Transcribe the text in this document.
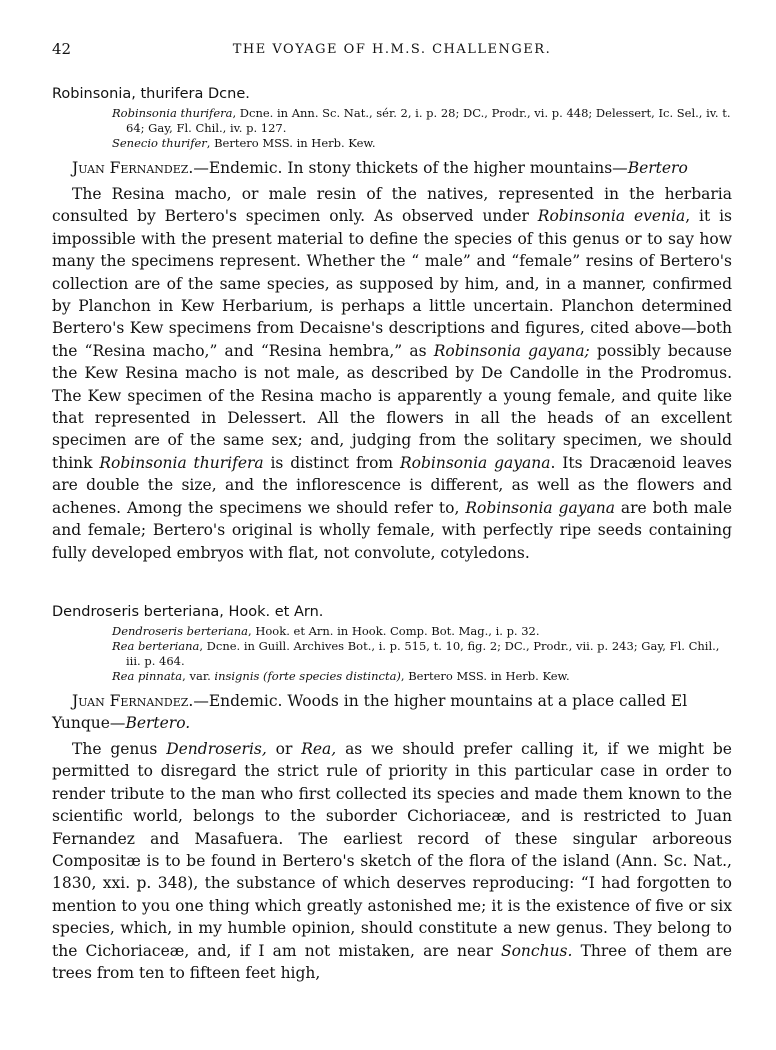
42	THE VOYAGE OF H.M.S. CHALLENGER.
Robinsonia, thurifera Dcne.
Robinsonia thurifera, Dcne. in Ann. Sc. Nat., sér. 2, i. p. 28; DC., Prodr., vi. p. 448; Delessert, Ic. Sel., iv. t. 64; Gay, Fl. Chil., iv. p. 127.
Senecio thurifer, Bertero MSS. in Herb. Kew.
Juan Fernandez.—Endemic. In stony thickets of the higher mountains—Bertero
The Resina macho, or male resin of the natives, represented in the herbaria consulted by Bertero's specimen only. As observed under Robinsonia evenia, it is impossible with the present material to define the species of this genus or to say how many the specimens represent. Whether the “ male” and “female” resins of Bertero's collection are of the same species, as supposed by him, and, in a manner, confirmed by Planchon in Kew Herbarium, is perhaps a little uncertain. Planchon determined Bertero's Kew specimens from Decaisne's descriptions and figures, cited above—both the “Resina macho,” and “Resina hembra,” as Robinsonia gayana; possibly because the Kew Resina macho is not male, as described by De Candolle in the Prodromus. The Kew specimen of the Resina macho is apparently a young female, and quite like that represented in Delessert. All the flowers in all the heads of an excellent specimen are of the same sex; and, judging from the solitary specimen, we should think Robinsonia thurifera is distinct from Robinsonia gayana. Its Dracænoid leaves are double the size, and the inflorescence is different, as well as the flowers and achenes. Among the specimens we should refer to, Robinsonia gayana are both male and female; Bertero's original is wholly female, with perfectly ripe seeds containing fully developed embryos with flat, not convolute, cotyledons.
Dendroseris berteriana, Hook. et Arn.
Dendroseris berteriana, Hook. et Arn. in Hook. Comp. Bot. Mag., i. p. 32.
Rea berteriana, Dcne. in Guill. Archives Bot., i. p. 515, t. 10, fig. 2; DC., Prodr., vii. p. 243; Gay, Fl. Chil., iii. p. 464.
Rea pinnata, var. insignis (forte species distincta), Bertero MSS. in Herb. Kew.
Juan Fernandez.—Endemic. Woods in the higher mountains at a place called El Yunque—Bertero.
The genus Dendroseris, or Rea, as we should prefer calling it, if we might be permitted to disregard the strict rule of priority in this particular case in order to render tribute to the man who first collected its species and made them known to the scientific world, belongs to the suborder Cichoriaceæ, and is restricted to Juan Fernandez and Masafuera. The earliest record of these singular arboreous Compositæ is to be found in Bertero's sketch of the flora of the island (Ann. Sc. Nat., 1830, xxi. p. 348), the substance of which deserves reproducing: “I had forgotten to mention to you one thing which greatly astonished me; it is the existence of five or six species, which, in my humble opinion, should constitute a new genus. They belong to the Cichoriaceæ, and, if I am not mistaken, are near Sonchus. Three of them are trees from ten to fifteen feet high,
